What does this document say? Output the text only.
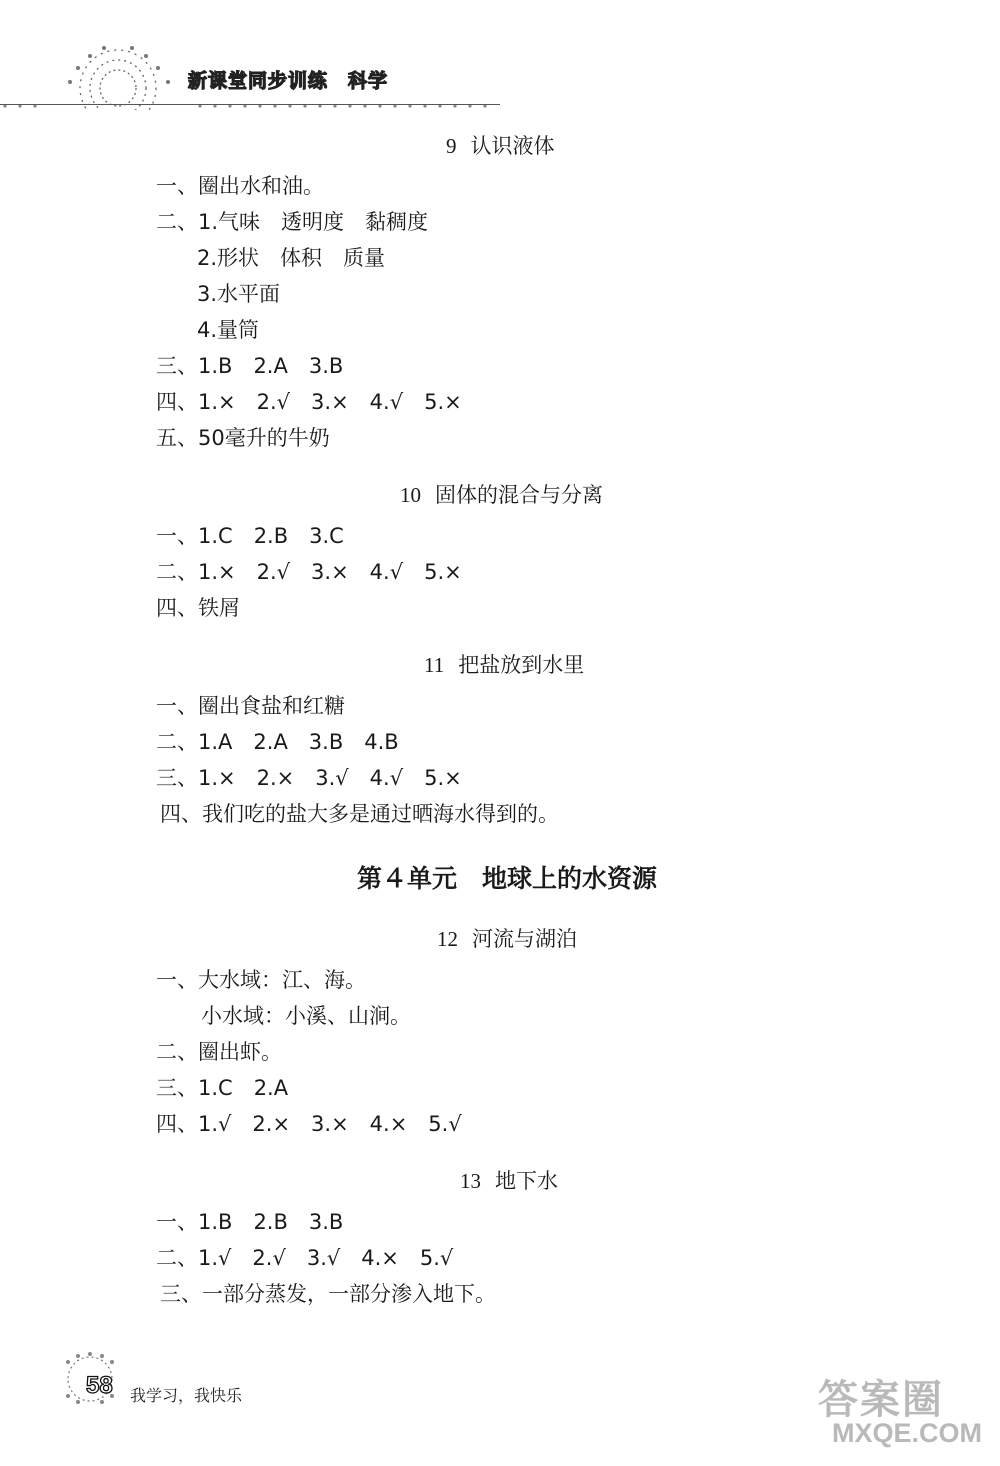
新课堂同步训练　科学
9 认识液体
一、圈出水和油。
二、1.气味　透明度　黏稠度
2.形状　体积　质量
3.水平面
4.量筒
三、1.B　2.A　3.B
四、1.×　2.√　3.×　4.√　5.×
五、50毫升的牛奶
10 固体的混合与分离
一、1.C　2.B　3.C
二、1.×　2.√　3.×　4.√　5.×
四、铁屑
11 把盐放到水里
一、圈出食盐和红糖
二、1.A　2.A　3.B　4.B
三、1.×　2.×　3.√　4.√　5.×
四、我们吃的盐大多是通过晒海水得到的。
第４单元　地球上的水资源
12 河流与湖泊
一、大水域：江、海。
小水域：小溪、山涧。
二、圈出虾。
三、1.C　2.A
四、1.√　2.×　3.×　4.×　5.√
13 地下水
一、1.B　2.B　3.B
二、1.√　2.√　3.√　4.×　5.√
三、一部分蒸发，一部分渗入地下。
58 我学习，我快乐	答案圈
MXQE.COM
